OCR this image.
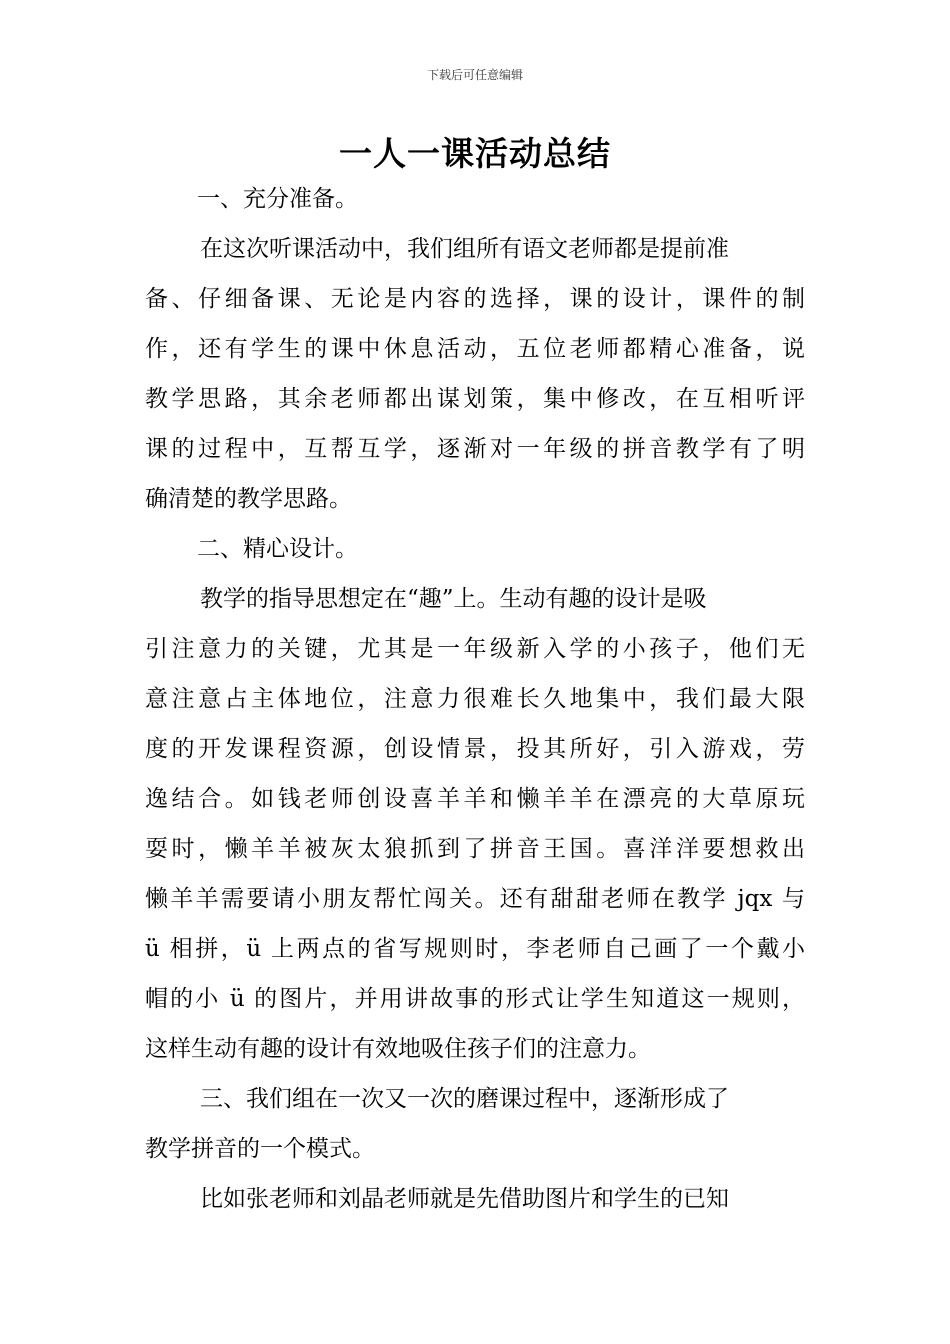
下载后可任意编辑
一人一课活动总结
一、充分准备。
在这次听课活动中，我们组所有语文老师都是提前准
备、仔细备课、无论是内容的选择，课的设计，课件的制
作，还有学生的课中休息活动，五位老师都精心准备，说
教学思路，其余老师都出谋划策，集中修改，在互相听评
课的过程中，互帮互学，逐渐对一年级的拼音教学有了明
确清楚的教学思路。
二、精心设计。
教学的指导思想定在“趣”上。生动有趣的设计是吸
引注意力的关键，尤其是一年级新入学的小孩子，他们无
意注意占主体地位，注意力很难长久地集中，我们最大限
度的开发课程资源，创设情景，投其所好，引入游戏，劳
逸结合。如钱老师创设喜羊羊和懒羊羊在漂亮的大草原玩
耍时，懒羊羊被灰太狼抓到了拼音王国。喜洋洋要想救出
懒羊羊需要请小朋友帮忙闯关。还有甜甜老师在教学 jqx 与
ü 相拼，ü 上两点的省写规则时，李老师自己画了一个戴小
帽的小 ü 的图片，并用讲故事的形式让学生知道这一规则，
这样生动有趣的设计有效地吸住孩子们的注意力。
三、我们组在一次又一次的磨课过程中，逐渐形成了
教学拼音的一个模式。
比如张老师和刘晶老师就是先借助图片和学生的已知
